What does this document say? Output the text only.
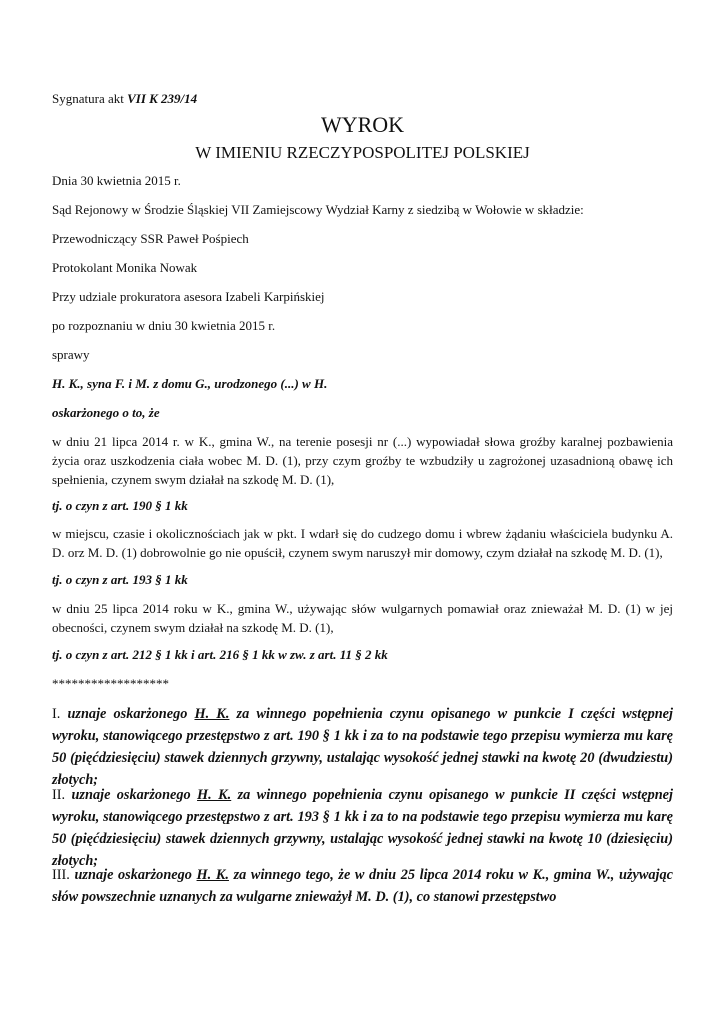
Sygnatura akt VII K 239/14
WYROK
W IMIENIU RZECZYPOSPOLITEJ POLSKIEJ
Dnia 30 kwietnia 2015 r.
Sąd Rejonowy w Środzie Śląskiej VII Zamiejscowy Wydział Karny z siedzibą w Wołowie w składzie:
Przewodniczący SSR Paweł Pośpiech
Protokolant Monika Nowak
Przy udziale prokuratora asesora Izabeli Karpińskiej
po rozpoznaniu w dniu 30 kwietnia 2015 r.
sprawy
H. K., syna F. i M. z domu G., urodzonego (...) w H.
oskarżonego o to, że
w dniu 21 lipca 2014 r. w K., gmina W., na terenie posesji nr (...) wypowiadał słowa groźby karalnej pozbawienia życia oraz uszkodzenia ciała wobec M. D. (1), przy czym groźby te wzbudziły u zagrożonej uzasadnioną obawę ich spełnienia, czynem swym działał na szkodę M. D. (1),
tj. o czyn z art. 190 § 1 kk
w miejscu, czasie i okolicznościach jak w pkt. I wdarł się do cudzego domu i wbrew żądaniu właściciela budynku A. D. orz M. D. (1) dobrowolnie go nie opuścił, czynem swym naruszył mir domowy, czym działał na szkodę M. D. (1),
tj. o czyn z art. 193 § 1 kk
w dniu 25 lipca 2014 roku w K., gmina W., używając słów wulgarnych pomawiał oraz znieważał M. D. (1) w jej obecności, czynem swym działał na szkodę M. D. (1),
tj. o czyn z art. 212 § 1 kk i art. 216 § 1 kk w zw. z art. 11 § 2 kk
******************
I. uznaje oskarżonego H. K. za winnego popełnienia czynu opisanego w punkcie I części wstępnej wyroku, stanowiącego przestępstwo z art. 190 § 1 kk i za to na podstawie tego przepisu wymierza mu karę 50 (pięćdziesięciu) stawek dziennych grzywny, ustalając wysokość jednej stawki na kwotę 20 (dwudziestu) złotych;
II. uznaje oskarżonego H. K. za winnego popełnienia czynu opisanego w punkcie II części wstępnej wyroku, stanowiącego przestępstwo z art. 193 § 1 kk i za to na podstawie tego przepisu wymierza mu karę 50 (pięćdziesięciu) stawek dziennych grzywny, ustalając wysokość jednej stawki na kwotę 10 (dziesięciu) złotych;
III. uznaje oskarżonego H. K. za winnego tego, że w dniu 25 lipca 2014 roku w K., gmina W., używając słów powszechnie uznanych za wulgarne znieważył M. D. (1), co stanowi przestępstwo
